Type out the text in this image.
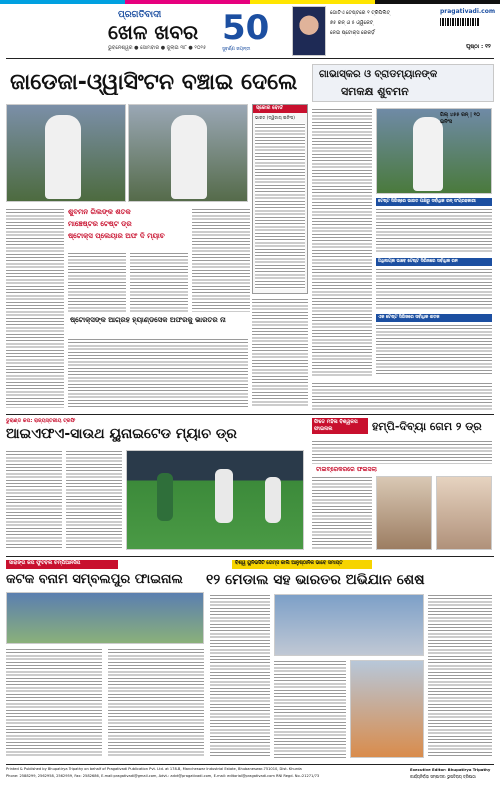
ପ୍ରଗତିବାଦୀ
ଖେଳ ଖବର
ଭୁବନେଶ୍ୱର ● ସୋମବାର ● ଜୁଲାଇ ୩୮ ● ୨୦୨୫ 50
ସୁବର୍ଣ୍ଣ ଜୟନ୍ତୀ
ଗୋଟିଏ ଟେଷ୍ଟରେ ୧ ଟ୍ରିପିଲିଟ୍
୭୫ ରନ୍ ଓ ୫ ଓ୍ୱିକେଟ୍
ନେଇ ଷ୍ଟୋକ୍ସ ରେକର୍ଡ଼
pragativadi.com
ପୃଷ୍ଠା : ୧୨
ଜାଡେଜା-ଓ୍ୱାସିଂଟନ ବଞ୍ଚାଇ ଦେଲେ
ସ୍କୋର ବୋର୍ଡ
ଭାରତ (ଦ୍ୱିତୀୟ ଇନିଂସ)
ଶୁବମନ ଗିଲଙ୍କ ଶତକ
ମାଞ୍ଚେଷ୍ଟର ଟେଷ୍ଟ ଡ୍ର
ଷ୍ଟୋକ୍ସ ପ୍ଲେୟାର ଅଫ ଦି ମ୍ୟାଚ
ଷ୍ଟୋକ୍ସଙ୍କ ଆଗ୍ରହ ହ୍ୟାଣ୍ଡସେକ ଅଫରକୁ ଭାରତର ନା
ଗାଭାସ୍କର ଓ ବ୍ରାଡମ୍ୟାନଙ୍କ
ସମକକ୍ଷ ଶୁବମନ
ଗିଲ୍ ୪୫୫ ରନ୍ | ୧୦ ଇନିଂସ
ଟେଷ୍ଟ ସିରିଜ୍‌ରେ ଭାରତ ପକ୍ଷରୁ ସର୍ବାଧିକ ରନ୍ ସଂଗ୍ରହକାରୀ
ଅଧିନାୟକ ଭାବେ ଟେଷ୍ଟ ସିରିଜରେ ସର୍ବାଧିକ ରନ
ଏକ ଟେଷ୍ଟ ସିରିଜରେ ସର୍ବାଧିକ ଶତକ
ଡୁରାଣ୍ଡ କପ: ରାଜ୍ୟସ୍ତରୀୟ ଟ୍ରଫି
ଆଇଏଫଏ-ସାଉଥ ୟୁନାଇଟେଡ ମ୍ୟାଚ ଡ୍ର
ଫିଡେ ମହିଳା ବିଶ୍ୱକପ ଫାଇନାଲ	ହମ୍ପି-ଦିବ୍ୟା ଗେମ ୨ ଡ୍ର
ଟାଇବ୍ରେକରରେ ଫଇସଲା
ସାରାଙ୍ଗ କପ ଫୁଟବଲ ଚମ୍ପିଆନସିପ
କଟକ ବନାମ ସମ୍ବଲପୁର ଫାଇନାଲ
ବିଶ୍ୱ ୟୁନିଭର୍ସିଟି ଗେମ୍ସ କାଲି ଆନୁଷ୍ଠାନିକ ଭାବେ ସମାପ୍ତ
୧୨ ମେଡାଲ ସହ ଭାରତର ଅଭିଯାନ ଶେଷ
Printed & Published by Bhupatirya Tripathy on behalf of Pragativadi Publication Pvt. Ltd. at 178-B, Mancheswar Industrial Estate, Bhubaneswar-751010, Dist. Khurda
Phone: 2588299, 2562958, 2562959, Fax: 2582686, E-mail:pragativadi@gmail.com, Advt.: advt@pragativadi.com, E-mail: editorial@pragativadi.com RNI Regd. No.:21271/73
Executive Editor: Bhupatirya Tripathy
କାର୍ଯ୍ୟନିର୍ବାହୀ ସମ୍ପାଦକ: ଭୁପତିରାୟ ତ୍ରିପାଠୀ
